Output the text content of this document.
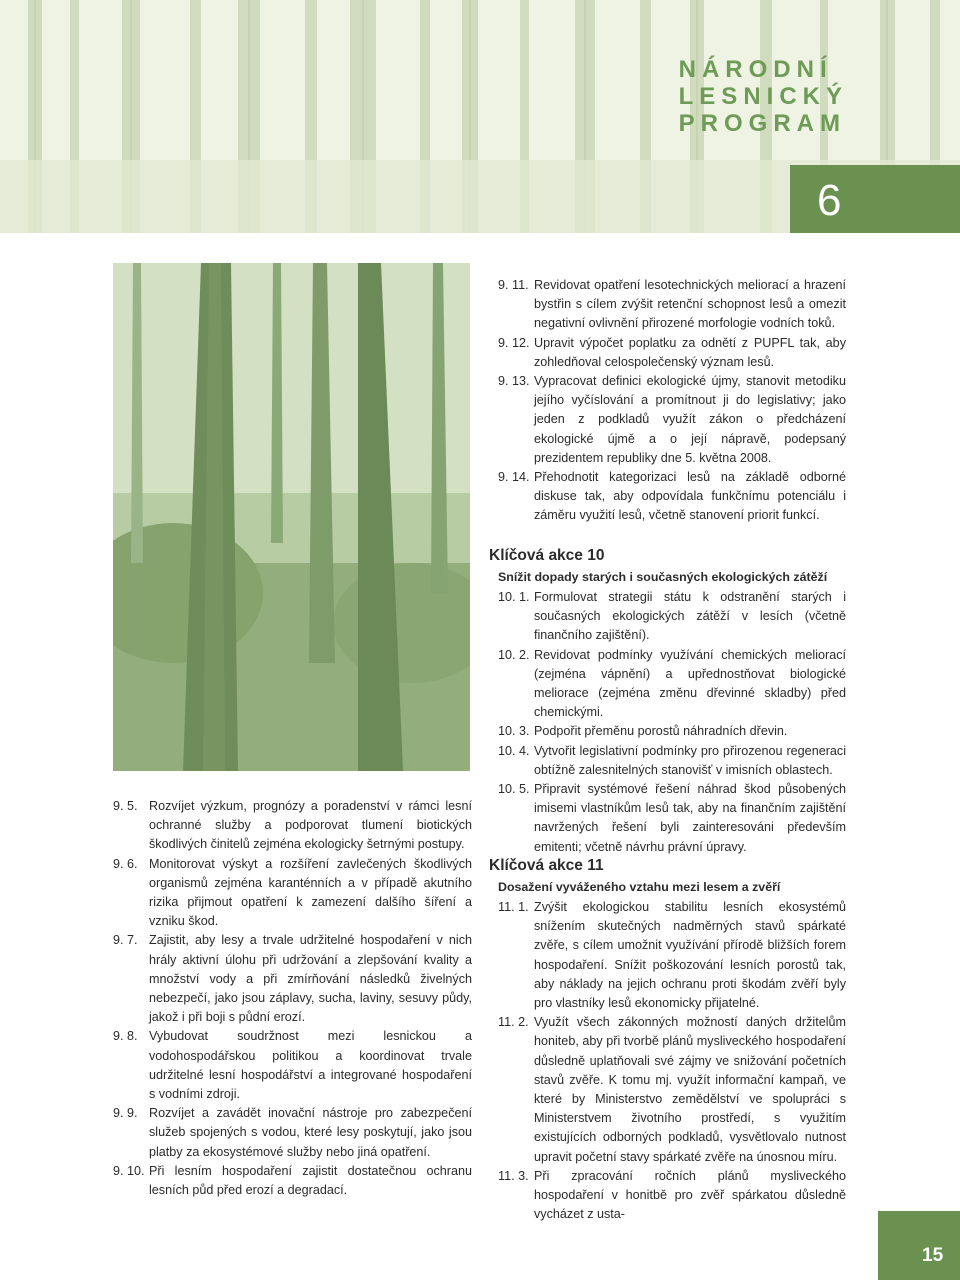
NÁRODNÍ
LESNICKÝ
PROGRAM
6
9. 5. Rozvíjet výzkum, prognózy a poradenství v rámci lesní ochranné služby a podporovat tlumení biotických škodlivých činitelů zejména ekologicky šetrnými postupy.
9. 6. Monitorovat výskyt a rozšíření zavlečených škodlivých organismů zejména karanténních a v případě akutního rizika přijmout opatření k zamezení dalšího šíření a vzniku škod.
9. 7. Zajistit, aby lesy a trvale udržitelné hospodaření v nich hrály aktivní úlohu při udržování a zlepšování kvality a množství vody a při zmírňování následků živelných nebezpečí, jako jsou záplavy, sucha, laviny, sesuvy půdy, jakož i při boji s půdní erozí.
9. 8. Vybudovat soudržnost mezi lesnickou a vodohospodářskou politikou a koordinovat trvale udržitelné lesní hospodářství a integrované hospodaření s vodními zdroji.
9. 9. Rozvíjet a zavádět inovační nástroje pro zabezpečení služeb spojených s vodou, které lesy poskytují, jako jsou platby za ekosystémové služby nebo jiná opatření.
9. 10. Při lesním hospodaření zajistit dostatečnou ochranu lesních půd před erozí a degradací.
9. 11. Revidovat opatření lesotechnických meliorací a hrazení bystřin s cílem zvýšit retenční schopnost lesů a omezit negativní ovlivnění přirozené morfologie vodních toků.
9. 12. Upravit výpočet poplatku za odnětí z PUPFL tak, aby zohledňoval celospolečenský význam lesů.
9. 13. Vypracovat definici ekologické újmy, stanovit metodiku jejího vyčíslování a promítnout ji do legislativy; jako jeden z podkladů využít zákon o předcházení ekologické újmě a o její nápravě, podepsaný prezidentem republiky dne 5. května 2008.
9. 14. Přehodnotit kategorizaci lesů na základě odborné diskuse tak, aby odpovídala funkčnímu potenciálu i záměru využití lesů, včetně stanovení priorit funkcí.
Klíčová akce 10
Snížit dopady starých i současných ekologických zátěží
10. 1. Formulovat strategii státu k odstranění starých i současných ekologických zátěží v lesích (včetně finančního zajištění).
10. 2. Revidovat podmínky využívání chemických meliorací (zejména vápnění) a upřednostňovat biologické meliorace (zejména změnu dřevinné skladby) před chemickými.
10. 3. Podpořit přeměnu porostů náhradních dřevin.
10. 4. Vytvořit legislativní podmínky pro přirozenou regeneraci obtížně zalesnitelných stanovišť v imisních oblastech.
10. 5. Připravit systémové řešení náhrad škod působených imisemi vlastníkům lesů tak, aby na finančním zajištění navržených řešení byli zainteresováni především emitenti; včetně návrhu právní úpravy.
Klíčová akce 11
Dosažení vyváženého vztahu mezi lesem a zvěří
11. 1. Zvýšit ekologickou stabilitu lesních ekosystémů snížením skutečných nadměrných stavů spárkaté zvěře, s cílem umožnit využívání přírodě bližších forem hospodaření. Snížit poškozování lesních porostů tak, aby náklady na jejich ochranu proti škodám zvěří byly pro vlastníky lesů ekonomicky přijatelné.
11. 2. Využít všech zákonných možností daných držitelům honiteb, aby při tvorbě plánů mysliveckého hospodaření důsledně uplatňovali své zájmy ve snižování početních stavů zvěře. K tomu mj. využít informační kampaň, ve které by Ministerstvo zemědělství ve spolupráci s Ministerstvem životního prostředí, s využitím existujících odborných podkladů, vysvětlovalo nutnost upravit početní stavy spárkaté zvěře na únosnou míru.
11. 3. Při zpracování ročních plánů mysliveckého hospodaření v honitbě pro zvěř spárkatou důsledně vycházet z usta-
15
